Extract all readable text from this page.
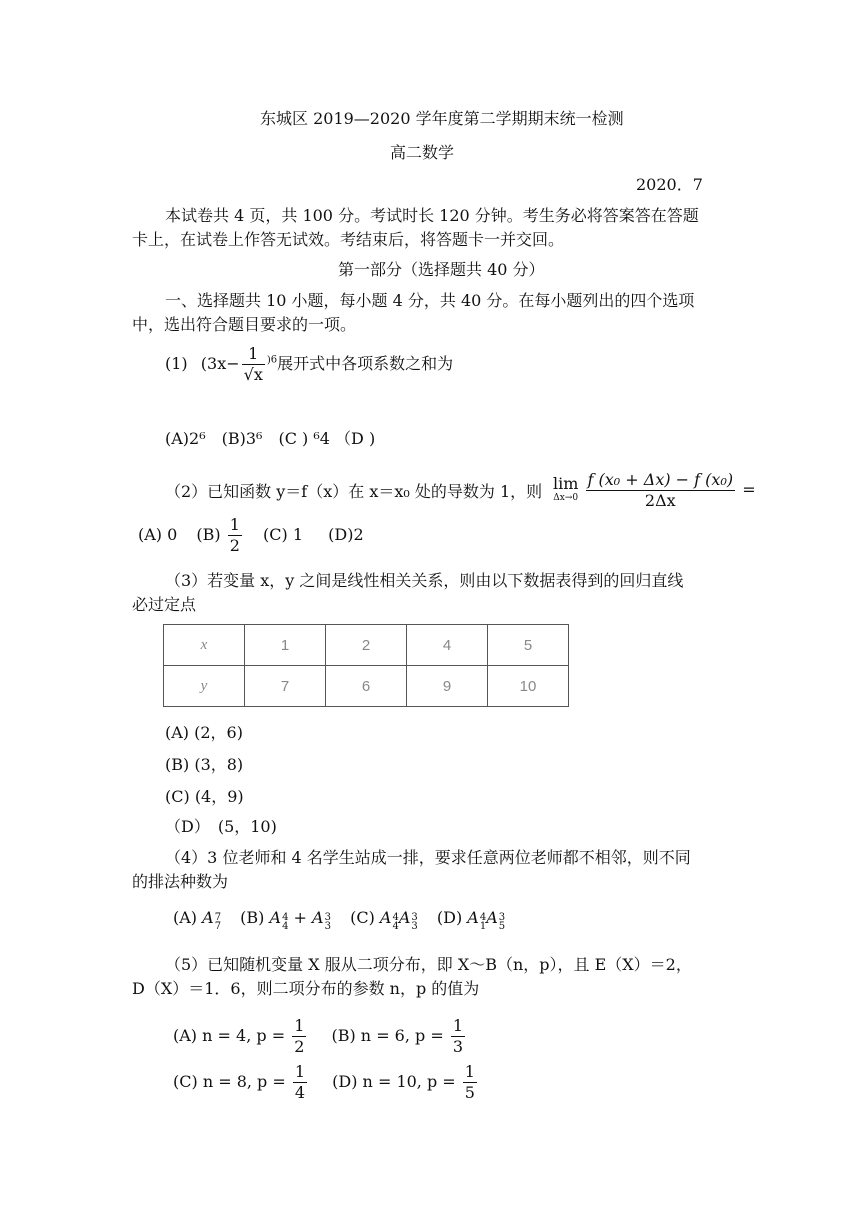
东城区 2019—2020 学年度第二学期期末统一检测
高二数学
2020．7
本试卷共 4 页，共 100 分。考试时长 120 分钟。考生务必将答案答在答题
卡上，在试卷上作答无试效。考结束后，将答题卡一并交回。
第一部分（选择题共 40 分）
一、选择题共 10 小题，每小题 4 分，共 40 分。在每小题列出的四个选项
中，选出符合题目要求的一项。
(1) ($3x- \frac{1}{√x} ^{)6}$展开式中各项系数之和为
(A)2⁶　(B)3⁶　(C ) ⁶4 （D )
（2）已知函数 y＝f（x）在 x＝x₀ 处的导数为 1，则 lim
Δx→0
$\frac{\text{f (x₀ + Δx) − f (x₀)}}{2\Delta x}$ =
(A) 0 $(B) \frac{1}{2} (C)$ 1 (D)2
（3）若变量 x，y 之间是线性相关关系，则由以下数据表得到的回归直线
必过定点
x	1	2	4	5
y	7	6	9	10
(A) (2，6)
(B) (3，8)
(C) (4，9)
（D）　(5，10)
（4）3 位老师和 4 名学生站成一排，要求任意两位老师都不相邻，则不同
的排法种数为
(A) A 7
7 (B) A 4
4 + A 3
3 (C) A 4
4 A 3
3 (D) A 4
1 A 3
5
（5）已知随机变量 X 服从二项分布，即 X～B（n，p），且 E（X）＝2，
D（X）＝1．6，则二项分布的参数 n，p 的值为
(A) n = 4, $p = \frac{1}{2} (B) n = 6$, $p = \frac{1}{3}$
(C) n = 8, $p = \frac{1}{4} (D) n = 10$, $p = \frac{1}{5}$
